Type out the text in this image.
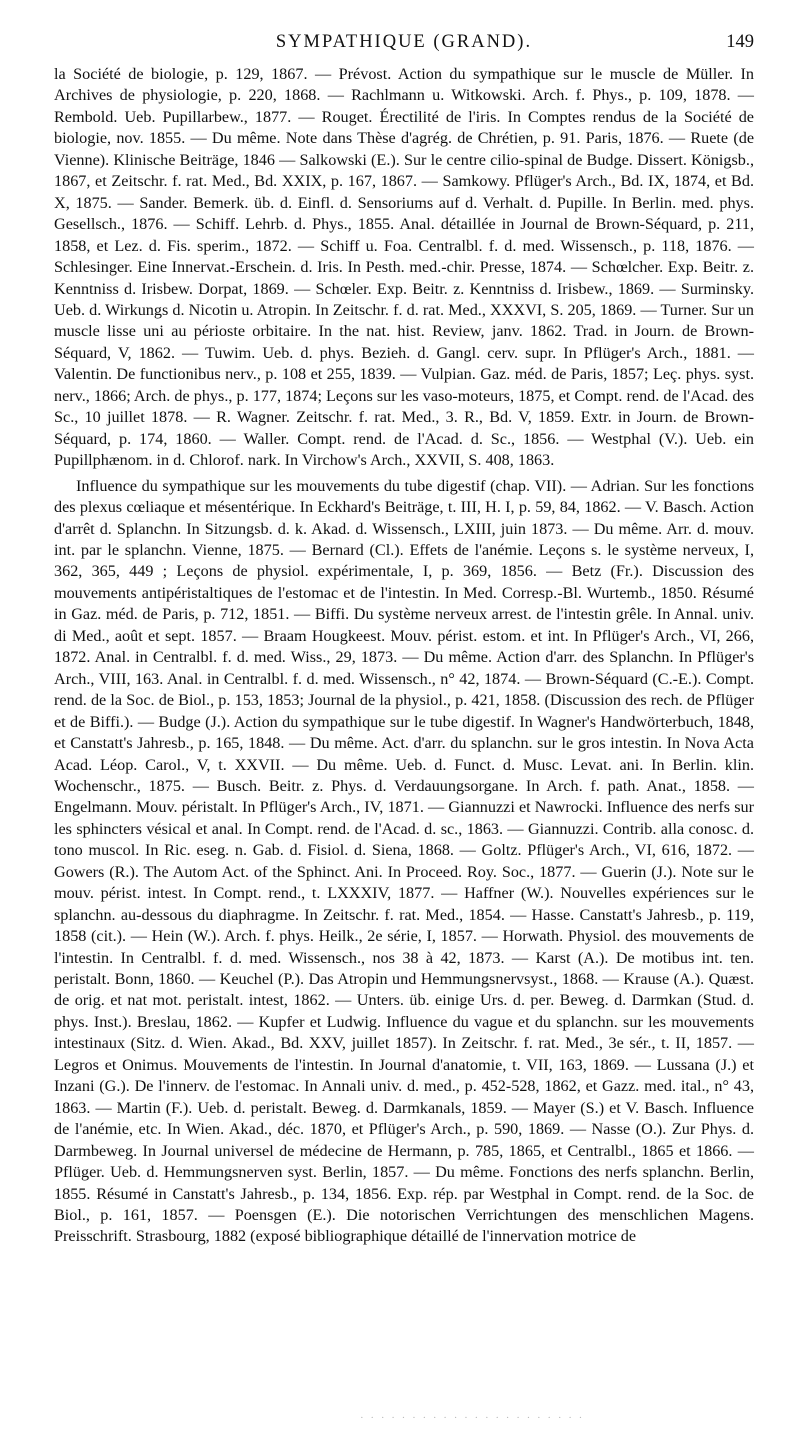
SYMPATHIQUE (GRAND).	149

la Société de biologie, p. 129, 1867. — Prévost. Action du sympathique sur le muscle de Müller. In Archives de physiologie, p. 220, 1868. — Rachlmann u. Witkowski. Arch. f. Phys., p. 109, 1878. — Rembold. Ueb. Pupillarbew., 1877. — Rouget. Érectilité de l'iris. In Comptes rendus de la Société de biologie, nov. 1855. — Du même. Note dans Thèse d'agrég. de Chrétien, p. 91. Paris, 1876. — Ruete (de Vienne). Klinische Beiträge, 1846 — Salkowski (E.). Sur le centre cilio-spinal de Budge. Dissert. Königsb., 1867, et Zeitschr. f. rat. Med., Bd. XXIX, p. 167, 1867. — Samkowy. Pflüger's Arch., Bd. IX, 1874, et Bd. X, 1875. — Sander. Bemerk. üb. d. Einfl. d. Sensoriums auf d. Verhalt. d. Pupille. In Berlin. med. phys. Gesellsch., 1876. — Schiff. Lehrb. d. Phys., 1855. Anal. détaillée in Journal de Brown-Séquard, p. 211, 1858, et Lez. d. Fis. sperim., 1872. — Schiff u. Foa. Centralbl. f. d. med. Wissensch., p. 118, 1876. — Schlesinger. Eine Innervat.-Erschein. d. Iris. In Pesth. med.-chir. Presse, 1874. — Schœlcher. Exp. Beitr. z. Kenntniss d. Irisbew. Dorpat, 1869. — Schœler. Exp. Beitr. z. Kenntniss d. Irisbew., 1869. — Surminsky. Ueb. d. Wirkungs d. Nicotin u. Atropin. In Zeitschr. f. d. rat. Med., XXXVI, S. 205, 1869. — Turner. Sur un muscle lisse uni au périoste orbitaire. In the nat. hist. Review, janv. 1862. Trad. in Journ. de Brown-Séquard, V, 1862. — Tuwim. Ueb. d. phys. Bezieh. d. Gangl. cerv. supr. In Pflüger's Arch., 1881. — Valentin. De functionibus nerv., p. 108 et 255, 1839. — Vulpian. Gaz. méd. de Paris, 1857; Leç. phys. syst. nerv., 1866; Arch. de phys., p. 177, 1874; Leçons sur les vaso-moteurs, 1875, et Compt. rend. de l'Acad. des Sc., 10 juillet 1878. — R. Wagner. Zeitschr. f. rat. Med., 3. R., Bd. V, 1859. Extr. in Journ. de Brown-Séquard, p. 174, 1860. — Waller. Compt. rend. de l'Acad. d. Sc., 1856. — Westphal (V.). Ueb. ein Pupillphænom. in d. Chlorof. nark. In Virchow's Arch., XXVII, S. 408, 1863.

Influence du sympathique sur les mouvements du tube digestif (chap. VII). — Adrian. Sur les fonctions des plexus cœliaque et mésentérique. In Eckhard's Beiträge, t. III, H. I, p. 59, 84, 1862. — V. Basch. Action d'arrêt d. Splanchn. In Sitzungsb. d. k. Akad. d. Wissensch., LXIII, juin 1873. — Du même. Arr. d. mouv. int. par le splanchn. Vienne, 1875. — Bernard (Cl.). Effets de l'anémie. Leçons s. le système nerveux, I, 362, 365, 449 ; Leçons de physiol. expérimentale, I, p. 369, 1856. — Betz (Fr.). Discussion des mouvements antipéristaltiques de l'estomac et de l'intestin. In Med. Corresp.-Bl. Wurtemb., 1850. Résumé in Gaz. méd. de Paris, p. 712, 1851. — Biffi. Du système nerveux arrest. de l'intestin grêle. In Annal. univ. di Med., août et sept. 1857. — Braam Hougkeest. Mouv. périst. estom. et int. In Pflüger's Arch., VI, 266, 1872. Anal. in Centralbl. f. d. med. Wiss., 29, 1873. — Du même. Action d'arr. des Splanchn. In Pflüger's Arch., VIII, 163. Anal. in Centralbl. f. d. med. Wissensch., n° 42, 1874. — Brown-Séquard (C.-E.). Compt. rend. de la Soc. de Biol., p. 153, 1853; Journal de la physiol., p. 421, 1858. (Discussion des rech. de Pflüger et de Biffi.). — Budge (J.). Action du sympathique sur le tube digestif. In Wagner's Handwörterbuch, 1848, et Canstatt's Jahresb., p. 165, 1848. — Du même. Act. d'arr. du splanchn. sur le gros intestin. In Nova Acta Acad. Léop. Carol., V, t. XXVII. — Du même. Ueb. d. Funct. d. Musc. Levat. ani. In Berlin. klin. Wochenschr., 1875. — Busch. Beitr. z. Phys. d. Verdauungsorgane. In Arch. f. path. Anat., 1858. — Engelmann. Mouv. péristalt. In Pflüger's Arch., IV, 1871. — Giannuzzi et Nawrocki. Influence des nerfs sur les sphincters vésical et anal. In Compt. rend. de l'Acad. d. sc., 1863. — Giannuzzi. Contrib. alla conosc. d. tono muscol. In Ric. eseg. n. Gab. d. Fisiol. d. Siena, 1868. — Goltz. Pflüger's Arch., VI, 616, 1872. — Gowers (R.). The Autom Act. of the Sphinct. Ani. In Proceed. Roy. Soc., 1877. — Guerin (J.). Note sur le mouv. périst. intest. In Compt. rend., t. LXXXIV, 1877. — Haffner (W.). Nouvelles expériences sur le splanchn. au-dessous du diaphragme. In Zeitschr. f. rat. Med., 1854. — Hasse. Canstatt's Jahresb., p. 119, 1858 (cit.). — Hein (W.). Arch. f. phys. Heilk., 2e série, I, 1857. — Horwath. Physiol. des mouvements de l'intestin. In Centralbl. f. d. med. Wissensch., nos 38 à 42, 1873. — Karst (A.). De motibus int. ten. peristalt. Bonn, 1860. — Keuchel (P.). Das Atropin und Hemmungsnervsyst., 1868. — Krause (A.). Quæst. de orig. et nat mot. peristalt. intest, 1862. — Unters. üb. einige Urs. d. per. Beweg. d. Darmkan (Stud. d. phys. Inst.). Breslau, 1862. — Kupfer et Ludwig. Influence du vague et du splanchn. sur les mouvements intestinaux (Sitz. d. Wien. Akad., Bd. XXV, juillet 1857). In Zeitschr. f. rat. Med., 3e sér., t. II, 1857. — Legros et Onimus. Mouvements de l'intestin. In Journal d'anatomie, t. VII, 163, 1869. — Lussana (J.) et Inzani (G.). De l'innerv. de l'estomac. In Annali univ. d. med., p. 452-528, 1862, et Gazz. med. ital., n° 43, 1863. — Martin (F.). Ueb. d. peristalt. Beweg. d. Darmkanals, 1859. — Mayer (S.) et V. Basch. Influence de l'anémie, etc. In Wien. Akad., déc. 1870, et Pflüger's Arch., p. 590, 1869. — Nasse (O.). Zur Phys. d. Darmbeweg. In Journal universel de médecine de Hermann, p. 785, 1865, et Centralbl., 1865 et 1866. — Pflüger. Ueb. d. Hemmungsnerven syst. Berlin, 1857. — Du même. Fonctions des nerfs splanchn. Berlin, 1855. Résumé in Canstatt's Jahresb., p. 134, 1856. Exp. rép. par Westphal in Compt. rend. de la Soc. de Biol., p. 161, 1857. — Poensgen (E.). Die notorischen Verrichtungen des menschlichen Magens. Preisschrift. Strasbourg, 1882 (exposé bibliographique détaillé de l'innervation motrice de

· · · · · · · · · · · · · · · · · · · · · ·
